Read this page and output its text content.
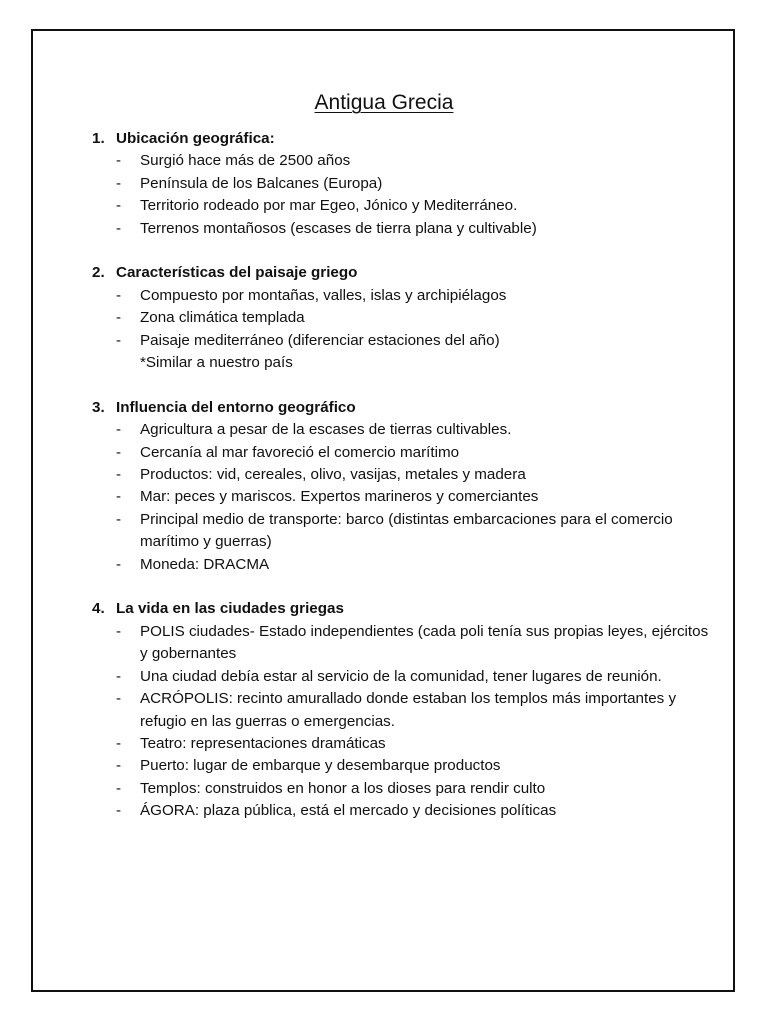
Antigua Grecia
1. Ubicación geográfica:
-	Surgió hace más de 2500 años
-	Península de los Balcanes (Europa)
-	Territorio rodeado por mar Egeo, Jónico y Mediterráneo.
-	Terrenos montañosos (escases de tierra plana y cultivable)
2. Características del paisaje griego
-	Compuesto por montañas, valles, islas y archipiélagos
-	Zona climática templada
-	Paisaje mediterráneo (diferenciar estaciones del año)
*Similar a nuestro país
3. Influencia del entorno geográfico
-	Agricultura a pesar de la escases de tierras cultivables.
-	Cercanía al mar favoreció el comercio marítimo
-	Productos: vid, cereales, olivo, vasijas, metales y madera
-	Mar: peces y mariscos. Expertos marineros y comerciantes
-	Principal medio de transporte: barco (distintas embarcaciones para el comercio marítimo y guerras)
-	Moneda: DRACMA
4. La vida en las ciudades griegas
-	POLIS ciudades- Estado independientes (cada poli tenía sus propias leyes, ejércitos y gobernantes
-	Una ciudad debía estar al servicio de la comunidad, tener lugares de reunión.
-	ACRÓPOLIS: recinto amurallado donde estaban los templos más importantes y refugio en las guerras o emergencias.
-	Teatro: representaciones dramáticas
-	Puerto: lugar de embarque y desembarque productos
-	Templos: construidos en honor a los dioses para rendir culto
-	ÁGORA: plaza pública, está el mercado y decisiones políticas
